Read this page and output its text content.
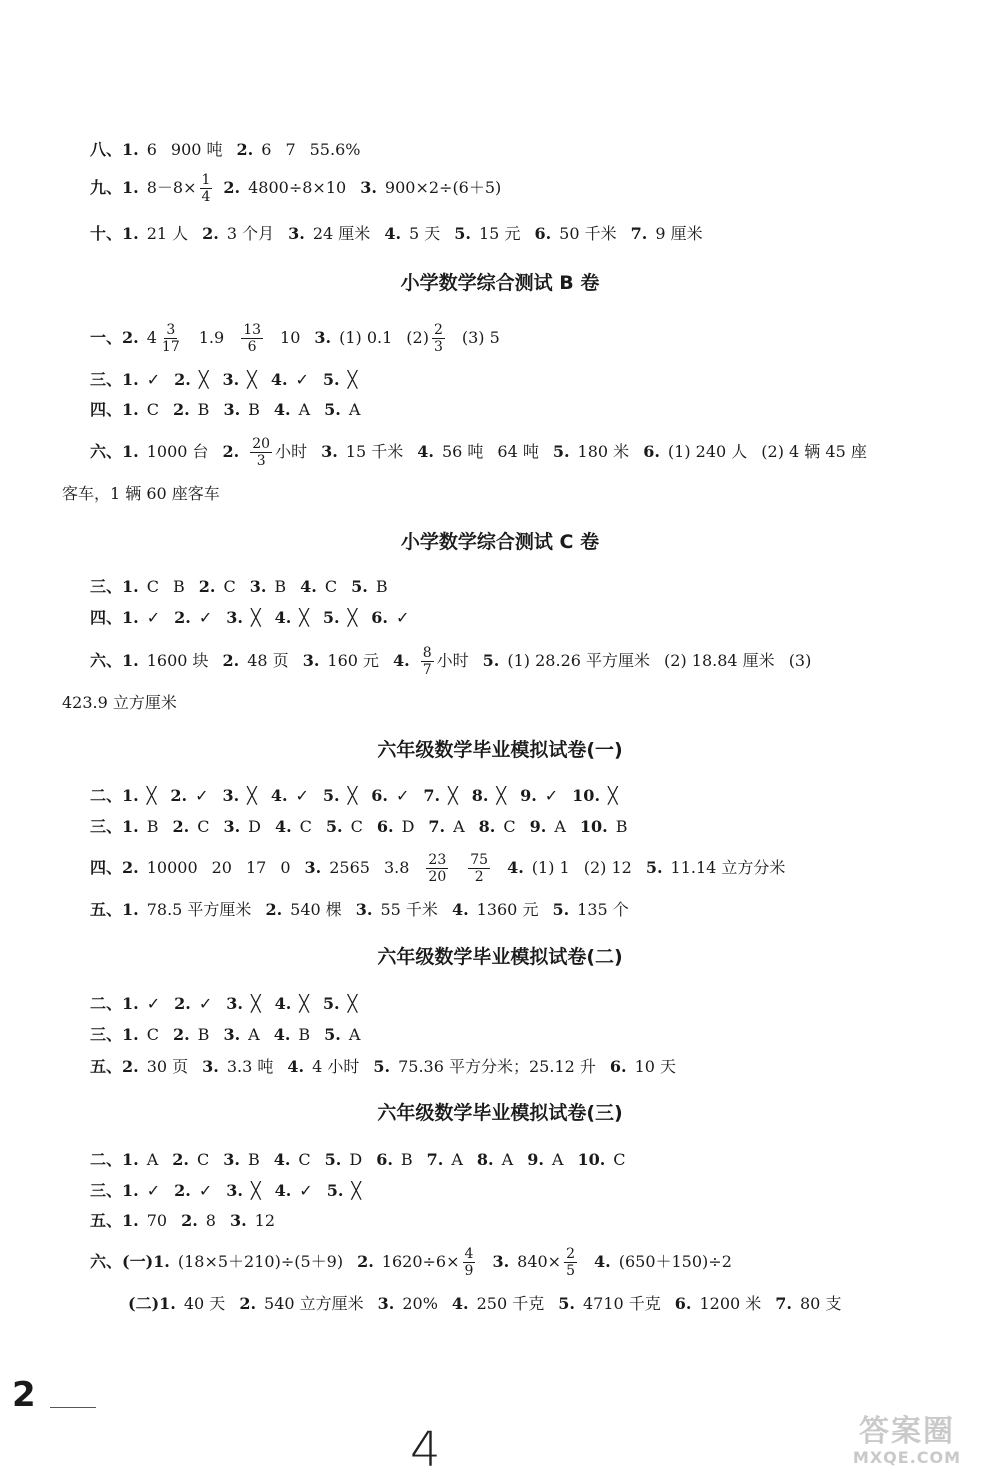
八、1. 6 900 吨 2. 6 7 55.6%
九、1. $8-8\times \frac{1}{4} 2$. 4800÷8×10 3. 900×2÷(6＋5)
十、1. 21 人 2. 3 个月 3. 24 厘米 4. 5 天 5. 15 元 6. 50 千米 7. 9 厘米
小学数学综合测试 B 卷
一、2. $4 \frac{3}{17} 1.9 \frac{13}{6} 10$ 3. (1) 0.1 $(2) \frac{2}{3} (3)$ 5
三、1. ✓ 2. ╳ 3. ╳ 4. ✓ 5. ╳
四、1. C 2. B 3. B 4. A 5. A
六、1. 1000 台 2. $\frac{20}{3}$ 小时 3. 15 千米 4. 56 吨 64 吨 5. 180 米 6. (1) 240 人 (2) 4 辆 45 座
客车，1 辆 60 座客车
小学数学综合测试 C 卷
三、1. C B 2. C 3. B 4. C 5. B
四、1. ✓ 2. ✓ 3. ╳ 4. ╳ 5. ╳ 6. ✓
六、1. 1600 块 2. 48 页 3. 160 元 4. $\frac{8}{7}$ 小时 5. (1) 28.26 平方厘米 (2) 18.84 厘米 (3)
423.9 立方厘米
六年级数学毕业模拟试卷(一)
二、1. ╳ 2. ✓ 3. ╳ 4. ✓ 5. ╳ 6. ✓ 7. ╳ 8. ╳ 9. ✓ 10. ╳
三、1. B 2. C 3. D 4. C 5. C 6. D 7. A 8. C 9. A 10. B
四、2. 10000 20 17 0 3. 2565 $3.8 \frac{23}{20} \frac{75}{2} 4$. (1) 1 (2) 12 5. 11.14 立方分米
五、1. 78.5 平方厘米 2. 540 棵 3. 55 千米 4. 1360 元 5. 135 个
六年级数学毕业模拟试卷(二)
二、1. ✓ 2. ✓ 3. ╳ 4. ╳ 5. ╳
三、1. C 2. B 3. A 4. B 5. A
五、2. 30 页 3. 3.3 吨 4. 4 小时 5. 75.36 平方分米；25.12 升 6. 10 天
六年级数学毕业模拟试卷(三)
二、1. A 2. C 3. B 4. C 5. D 6. B 7. A 8. A 9. A 10. C
三、1. ✓ 2. ✓ 3. ╳ 4. ✓ 5. ╳
五、1. 70 2. 8 3. 12
六、(一)1. (18×5＋210)÷(5＋9) 2. $1620\div 6\times \frac{4}{9} 3$. $840\times \frac{2}{5} 4$. (650＋150)÷2
(二)1. 40 天 2. 540 立方厘米 3. 20% 4. 250 千克 5. 4710 千克 6. 1200 米 7. 80 支
2
4	答案圈
MXQE.COM
